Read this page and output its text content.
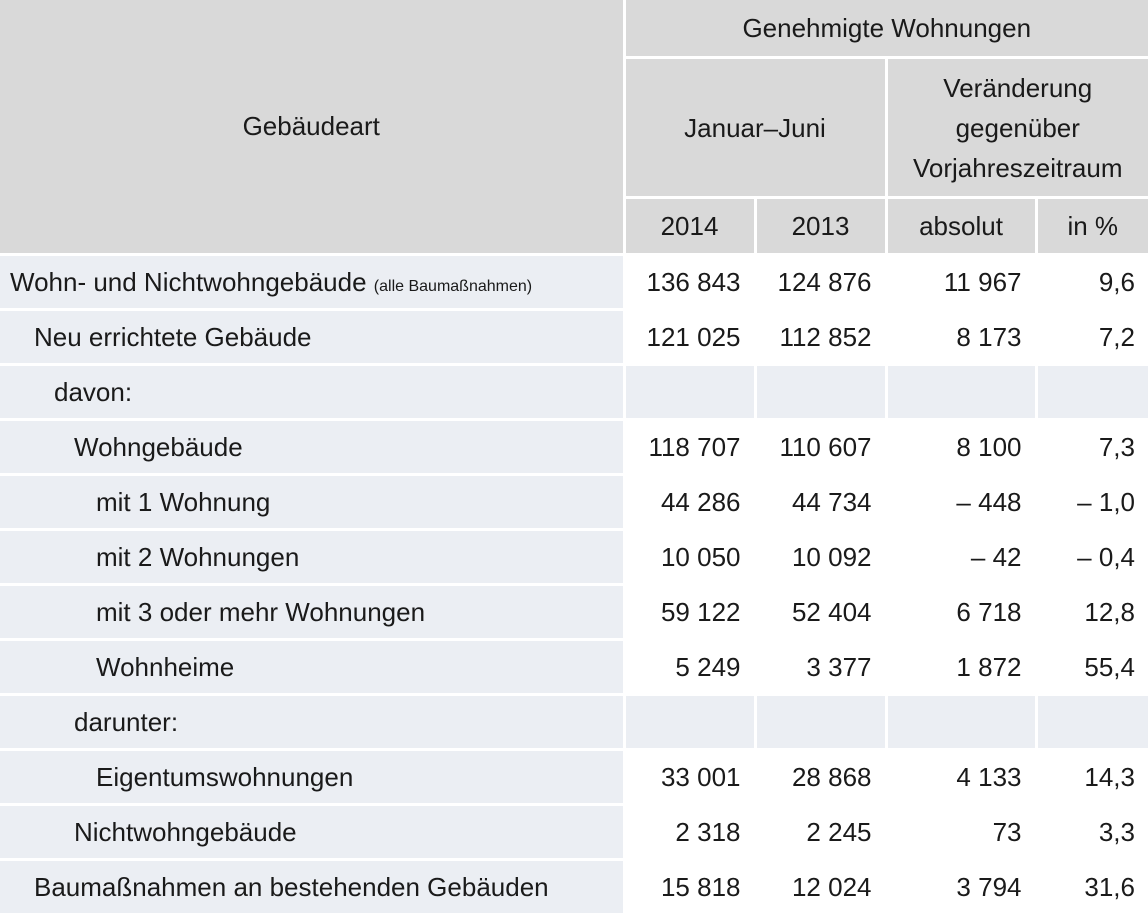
Gebäudeart	Genehmigte Wohnungen			
	Januar–Juni		Veränderung
gegenüber
Vorjahreszeitraum	
	2014	2013	absolut	in %
Wohn- und Nichtwohngebäude (alle Baumaßnahmen)	136 843	124 876	11 967	9,6
Neu errichtete Gebäude	121 025	112 852	8 173	7,2
davon:				
Wohngebäude	118 707	110 607	8 100	7,3
mit 1 Wohnung	44 286	44 734	– 448	– 1,0
mit 2 Wohnungen	10 050	10 092	– 42	– 0,4
mit 3 oder mehr Wohnungen	59 122	52 404	6 718	12,8
Wohnheime	5 249	3 377	1 872	55,4
darunter:				
Eigentumswohnungen	33 001	28 868	4 133	14,3
Nichtwohngebäude	2 318	2 245	73	3,3
Baumaßnahmen an bestehenden Gebäuden	15 818	12 024	3 794	31,6
